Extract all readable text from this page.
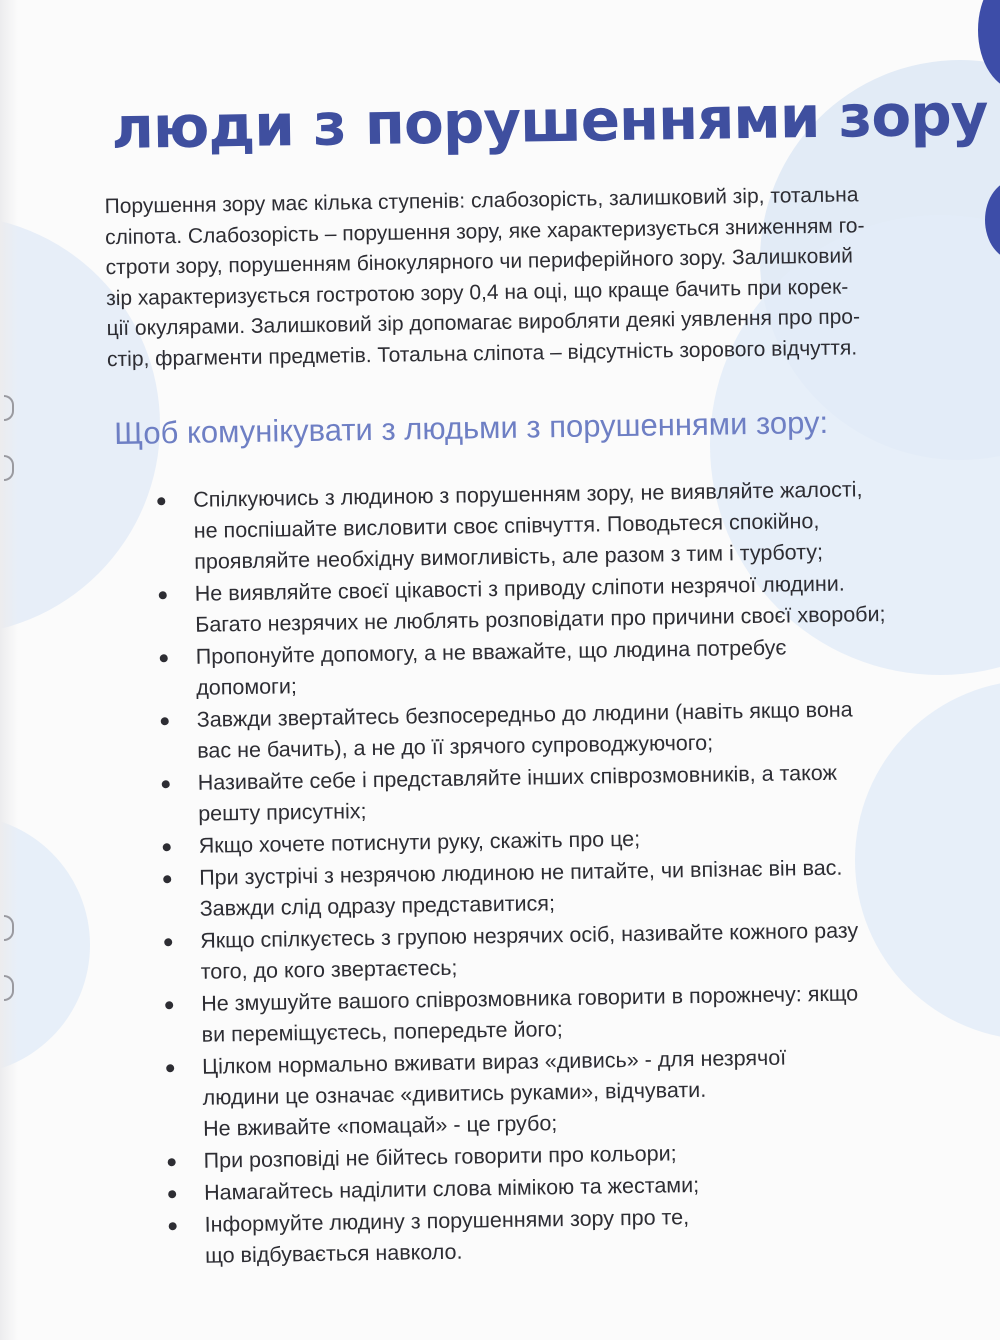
люди з порушеннями зору

Порушення зору має кілька ступенів: слабозорість, залишковий зір, тотальна
сліпота. Слабозорість – порушення зору, яке характеризується зниженням го-
строти зору, порушенням бінокулярного чи периферійного зору. Залишковий
зір характеризується гостротою зору 0,4 на оці, що краще бачить при корек-
ції окулярами. Залишковий зір допомагає виробляти деякі уявлення про про-
стір, фрагменти предметів. Тотальна сліпота – відсутність зорового відчуття.

Щоб комунікувати з людьми з порушеннями зору:
Спілкуючись з людиною з порушенням зору, не виявляйте жалості,
не поспішайте висловити своє співчуття. Поводьтеся спокійно,
проявляйте необхідну вимогливість, але разом з тим і турботу;
Не виявляйте своєї цікавості з приводу сліпоти незрячої людини.
Багато незрячих не люблять розповідати про причини своєї хвороби;
Пропонуйте допомогу, а не вважайте, що людина потребує
допомоги;
Завжди звертайтесь безпосередньо до людини (навіть якщо вона
вас не бачить), а не до її зрячого супроводжуючого;
Називайте себе і представляйте інших співрозмовників, а також
решту присутніх;
Якщо хочете потиснути руку, скажіть про це;
При зустрічі з незрячою людиною не питайте, чи впізнає він вас.
Завжди слід одразу представитися;
Якщо спілкуєтесь з групою незрячих осіб, називайте кожного разу
того, до кого звертаєтесь;
Не змушуйте вашого співрозмовника говорити в порожнечу: якщо
ви переміщуєтесь, попередьте його;
Цілком нормально вживати вираз «дивись» - для незрячої
людини це означає «дивитись руками», відчувати.
Не вживайте «помацай» - це грубо;
При розповіді не бійтесь говорити про кольори;
Намагайтесь наділити слова мімікою та жестами;
Інформуйте людину з порушеннями зору про те,
що відбувається навколо.
